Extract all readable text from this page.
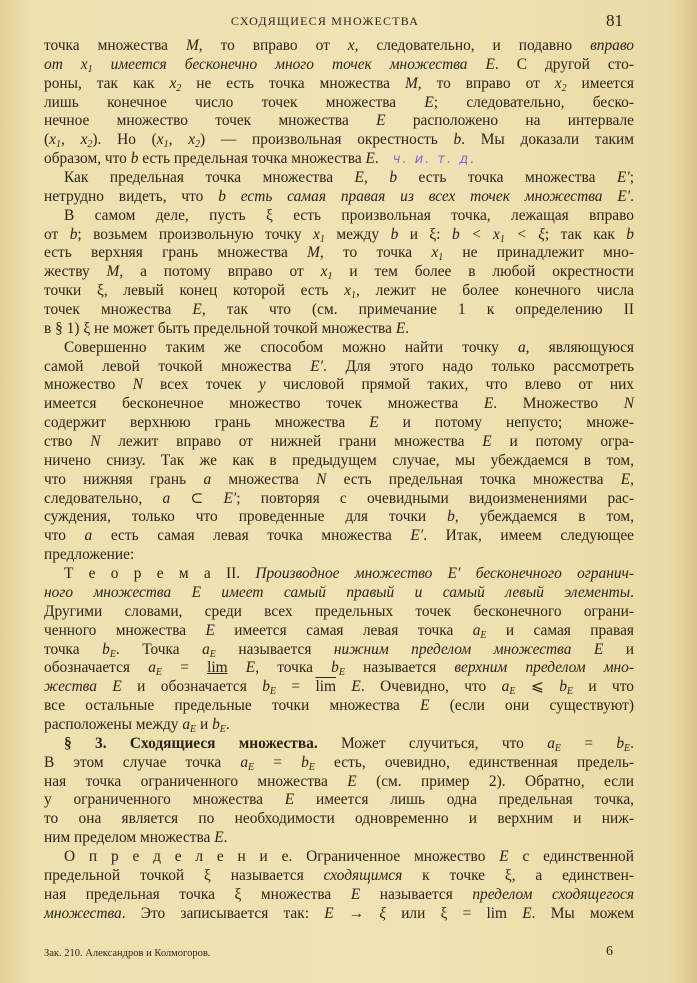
СХОДЯЩИЕСЯ МНОЖЕСТВА	81
точка множества M, то вправо от x, следовательно, и подавно вправо
от x1 имеется бесконечно много точек множества E. С другой сто-
роны, так как x2 не есть точка множества M, то вправо от x2 имеется
лишь конечное число точек множества E; следовательно, беско-
нечное множество точек множества E расположено на интервале
(x1, x2). Но (x1, x2) — произвольная окрестность b. Мы доказали таким
образом, что b есть предельная точка множества E. ч. и. т. д.
Как предельная точка множества E, b есть точка множества E′;
нетрудно видеть, что b есть самая правая из всех точек множества E′.
В самом деле, пусть ξ есть произвольная точка, лежащая вправо
от b; возьмем произвольную точку x1 между b и ξ: b < x1 < ξ; так как b
есть верхняя грань множества M, то точка x1 не принадлежит мно-
жеству M, а потому вправо от x1 и тем более в любой окрестности
точки ξ, левый конец которой есть x1, лежит не более конечного числа
точек множества E, так что (см. примечание 1 к определению II
в § 1) ξ не может быть предельной точкой множества E.
Совершенно таким же способом можно найти точку a, являющуюся
самой левой точкой множества E′. Для этого надо только рассмотреть
множество N всех точек y числовой прямой таких, что влево от них
имеется бесконечное множество точек множества E. Множество N
содержит верхнюю грань множества E и потому непусто; множе-
ство N лежит вправо от нижней грани множества E и потому огра-
ничено снизу. Так же как в предыдущем случае, мы убеждаемся в том,
что нижняя грань a множества N есть предельная точка множества E,
следовательно, a ⊂ E′; повторяя с очевидными видоизменениями рас-
суждения, только что проведенные для точки b, убеждаемся в том,
что a есть самая левая точка множества E′. Итак, имеем следующее
предложение:
Т е о р е м а II. Производное множество E′ бесконечного огранич-
ного множества E имеет самый правый и самый левый элементы.
Другими словами, среди всех предельных точек бесконечного ограни-
ченного множества E имеется самая левая точка aE и самая правая
точка bE. Точка aE называется нижним пределом множества E и
обозначается aE = lim E, точка bE называется верхним пределом мно-
жества E и обозначается bE = $\overline{lim}$ E. Очевидно, что aE ⩽ bE и что
все остальные предельные точки множества E (если они существуют)
расположены между aE и bE.
§ 3. Сходящиеся множества. Может случиться, что aE = bE.
В этом случае точка aE = bE есть, очевидно, единственная предель-
ная точка ограниченного множества E (см. пример 2). Обратно, если
у ограниченного множества E имеется лишь одна предельная точка,
то она является по необходимости одновременно и верхним и ниж-
ним пределом множества E.
О п р е д е л е н и е. Ограниченное множество E с единственной
предельной точкой ξ называется сходящимся к точке ξ, а единствен-
ная предельная точка ξ множества E называется пределом сходящегося
множества. Это записывается так: E → ξ или ξ = lim E. Мы можем
Зак. 210. Александров и Колмогоров.	6
